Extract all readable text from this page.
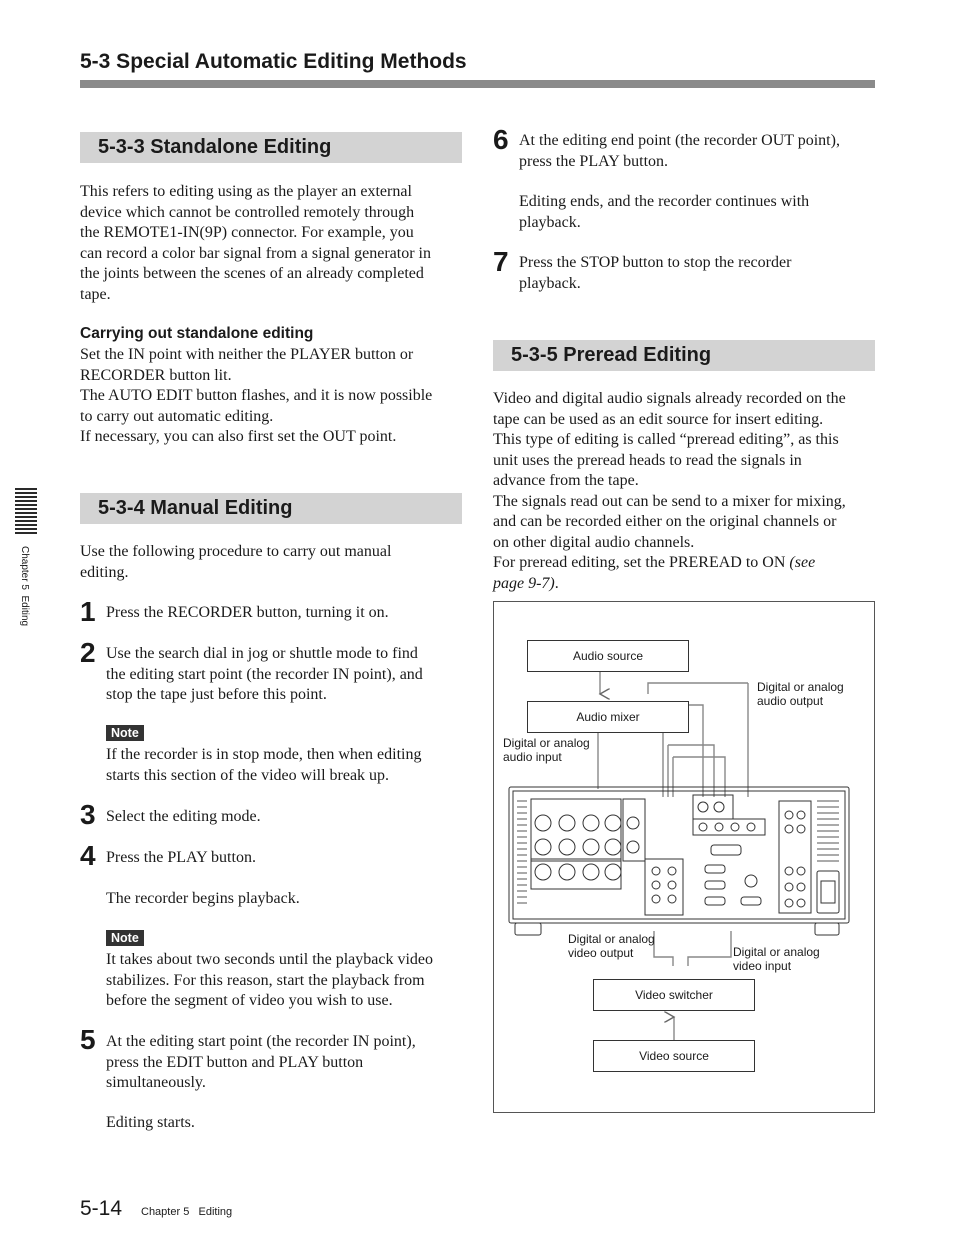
5-3 Special Automatic Editing Methods
Chapter 5  Editing
5-3-3 Standalone Editing
This refers to editing using as the player an external
device which cannot be controlled remotely through
the REMOTE1-IN(9P) connector. For example, you
can record a color bar signal from a signal generator in
the joints between the scenes of an already completed
tape.
Carrying out standalone editing
Set the IN point with neither the PLAYER button or
RECORDER button lit.
The AUTO EDIT button flashes, and it is now possible
to carry out automatic editing.
If necessary, you can also first set the OUT point.
5-3-4 Manual Editing
Use the following procedure to carry out manual
editing.
1 Press the RECORDER button, turning it on.
2 Use the search dial in jog or shuttle mode to find
the editing start point (the recorder IN point), and
stop the tape just before this point.
Note
If the recorder is in stop mode, then when editing
starts this section of the video will break up.
3 Select the editing mode.
4 Press the PLAY button.
The recorder begins playback.
Note
It takes about two seconds until the playback video
stabilizes. For this reason, start the playback from
before the segment of video you wish to use.
5 At the editing start point (the recorder IN point),
press the EDIT button and PLAY button
simultaneously.
Editing starts.
6 At the editing end point (the recorder OUT point),
press the PLAY button.
Editing ends, and the recorder continues with
playback.
7 Press the STOP button to stop the recorder
playback.
5-3-5 Preread Editing
Video and digital audio signals already recorded on the
tape can be used as an edit source for insert editing.
This type of editing is called “preread editing”, as this
unit uses the preread heads to read the signals in
advance from the tape.
The signals read out can be send to a mixer for mixing,
and can be recorded either on the original channels or
on other digital audio channels.
For preread editing, set the PREREAD to ON (see
page 9-7).
Audio source
Audio mixer
Video switcher
Video source
Digital or analog
audio output
Digital or analog
audio input
Digital or analog
video output	Digital or analog
video input
5-14 Chapter 5 Editing
